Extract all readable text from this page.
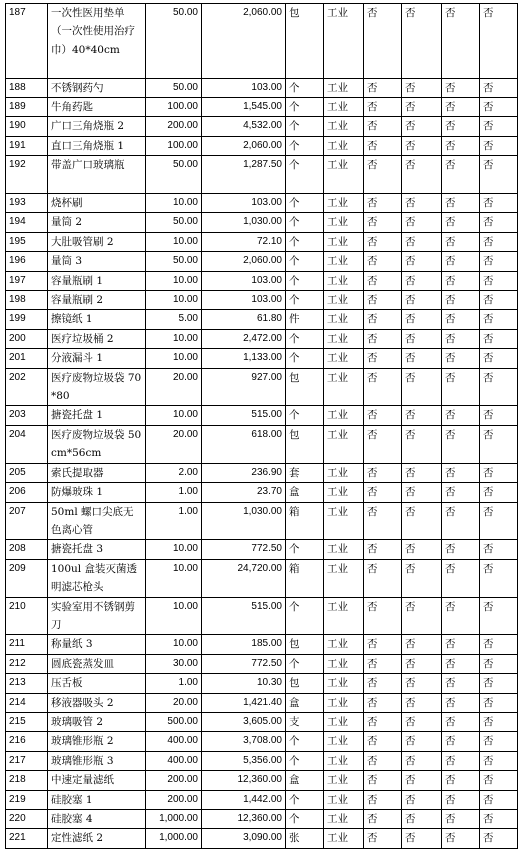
187	一次性医用垫单（一次性使用治疗巾）40*40cm	50.00	2,060.00	包	工业	否	否	否	否
188	不锈钢药勺	50.00	103.00	个	工业	否	否	否	否
189	牛角药匙	100.00	1,545.00	个	工业	否	否	否	否
190	广口三角烧瓶 2	200.00	4,532.00	个	工业	否	否	否	否
191	直口三角烧瓶 1	100.00	2,060.00	个	工业	否	否	否	否
192	带盖广口玻璃瓶	50.00	1,287.50	个	工业	否	否	否	否
193	烧杯刷	10.00	103.00	个	工业	否	否	否	否
194	量筒 2	50.00	1,030.00	个	工业	否	否	否	否
195	大肚吸管刷 2	10.00	72.10	个	工业	否	否	否	否
196	量筒 3	50.00	2,060.00	个	工业	否	否	否	否
197	容量瓶刷 1	10.00	103.00	个	工业	否	否	否	否
198	容量瓶刷 2	10.00	103.00	个	工业	否	否	否	否
199	擦镜纸 1	5.00	61.80	件	工业	否	否	否	否
200	医疗垃圾桶 2	10.00	2,472.00	个	工业	否	否	否	否
201	分液漏斗 1	10.00	1,133.00	个	工业	否	否	否	否
202	医疗废物垃圾袋 70*80	20.00	927.00	包	工业	否	否	否	否
203	搪瓷托盘 1	10.00	515.00	个	工业	否	否	否	否
204	医疗废物垃圾袋 50cm*56cm	20.00	618.00	包	工业	否	否	否	否
205	索氏提取器	2.00	236.90	套	工业	否	否	否	否
206	防爆玻珠 1	1.00	23.70	盒	工业	否	否	否	否
207	50ml 螺口尖底无色离心管	1.00	1,030.00	箱	工业	否	否	否	否
208	搪瓷托盘 3	10.00	772.50	个	工业	否	否	否	否
209	100ul 盒装灭菌透明滤芯枪头	10.00	24,720.00	箱	工业	否	否	否	否
210	实验室用不锈钢剪刀	10.00	515.00	个	工业	否	否	否	否
211	称量纸 3	10.00	185.00	包	工业	否	否	否	否
212	圆底瓷蒸发皿	30.00	772.50	个	工业	否	否	否	否
213	压舌板	1.00	10.30	包	工业	否	否	否	否
214	移液器吸头 2	20.00	1,421.40	盒	工业	否	否	否	否
215	玻璃吸管 2	500.00	3,605.00	支	工业	否	否	否	否
216	玻璃锥形瓶 2	400.00	3,708.00	个	工业	否	否	否	否
217	玻璃锥形瓶 3	400.00	5,356.00	个	工业	否	否	否	否
218	中速定量滤纸	200.00	12,360.00	盒	工业	否	否	否	否
219	硅胶塞 1	200.00	1,442.00	个	工业	否	否	否	否
220	硅胶塞 4	1,000.00	12,360.00	个	工业	否	否	否	否
221	定性滤纸 2	1,000.00	3,090.00	张	工业	否	否	否	否
